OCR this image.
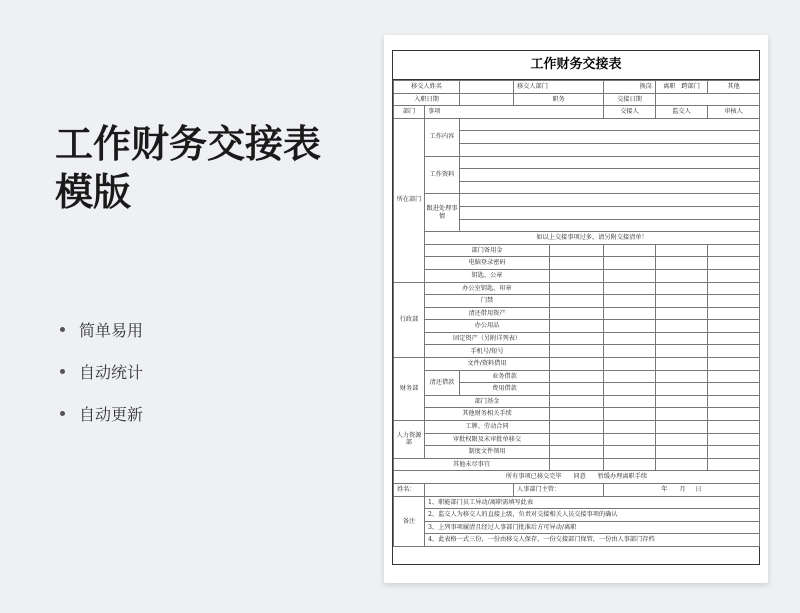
工作财务交接表
模版
简单易用
自动统计
自动更新
工作财务交接表
移交人姓名			移交人部门		换岗	离职 跨部门	其他
入职日期			职务		交接日期		
部门	事项				交接人	监交人	审核人
所在部门	工作内容						

	工作资料						

	跟进处理事情						

	如以上交接事项过多，请另附交接清单！						
	部门备用金						
	电脑登录密码						
	钥匙、公章						
行政部	办公室钥匙、印章						
	门禁						
	清还借用资产						
	办公用品						
	固定资产（另附详列表）						
	手机号/短号						
财务部	文件/资料借用						
	清还借款	业务借款					
		费用借款					
	部门基金						
	其他财务相关手续						
人力资源部	工牌、劳动合同						
	审批权限及未审批单移交						
	制度文件领用						
其他未尽事宜							
所有事项已移交完毕 同意 暂缓办理离职手续							
姓名：			人事部门主管：		年 月 日		
备注	1、职能部门员工异动/离职需填写此表						
	2、监交人为移交人的直接上级，负责对交接相关人员交接事项的确认						
	3、上列事项履清且经过人事部门批准后方可异动/离职						
	4、此表格一式三份，一份由移交人保存，一份交接部门保管，一份由人事部门存档						
